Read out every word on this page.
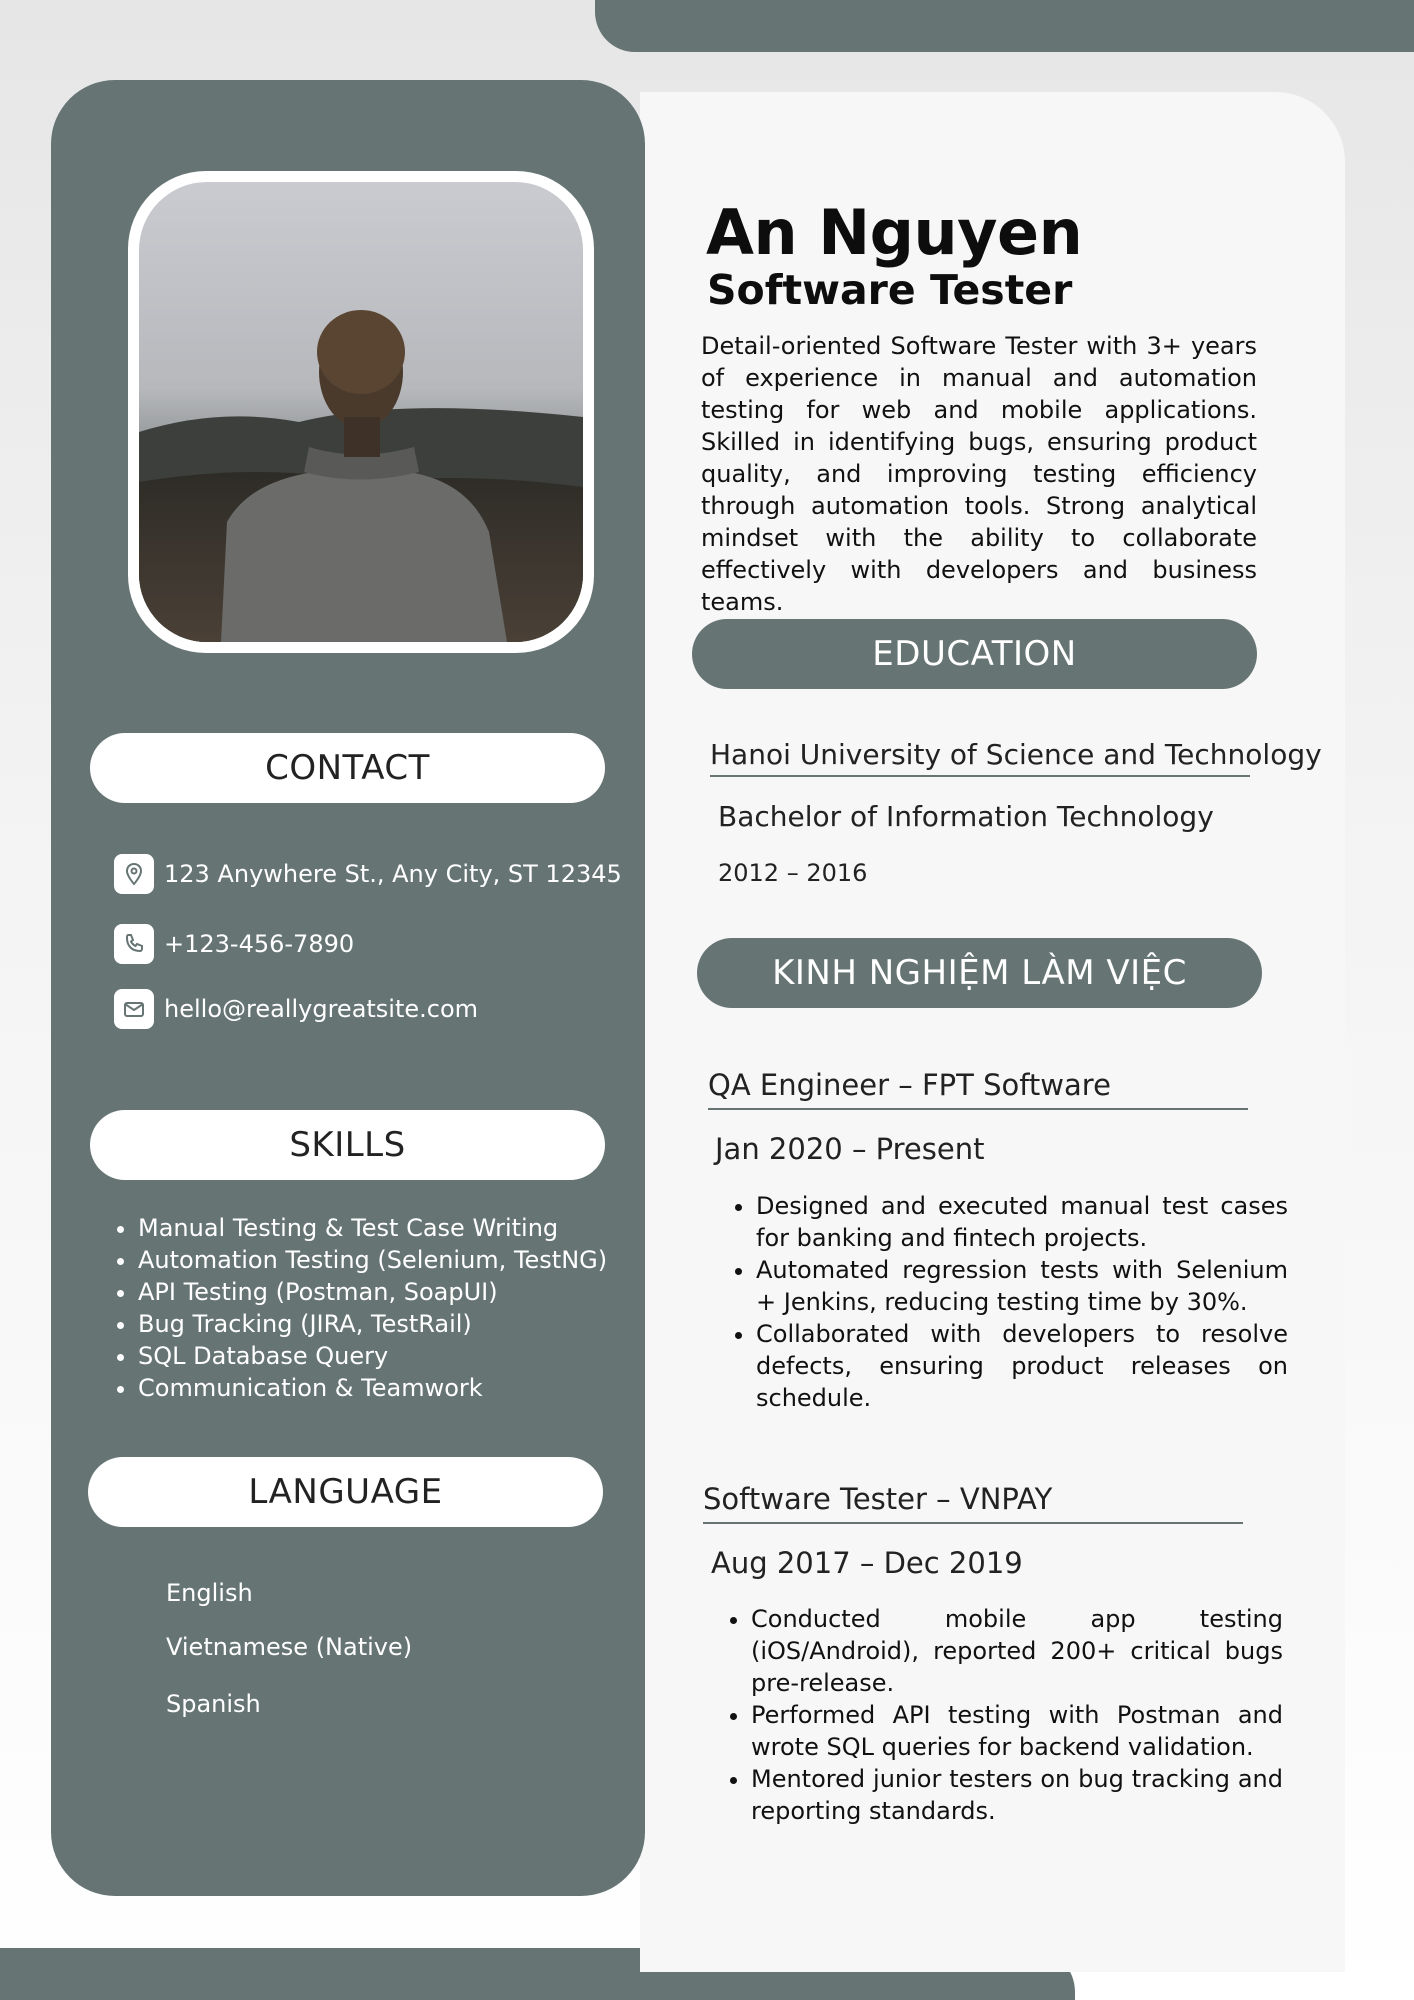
CONTACT
123 Anywhere St., Any City, ST 12345
+123-456-7890
hello@reallygreatsite.com
SKILLS
• Manual Testing & Test Case Writing
• Automation Testing (Selenium, TestNG)
• API Testing (Postman, SoapUI)
• Bug Tracking (JIRA, TestRail)
• SQL Database Query
• Communication & Teamwork
LANGUAGE
English
Vietnamese (Native)
Spanish
An Nguyen
Software Tester
Detail-oriented Software Tester with 3+ years of experience in manual and automation testing for web and mobile applications. Skilled in identifying bugs, ensuring product quality, and improving testing efficiency through automation tools. Strong analytical mindset with the ability to collaborate effectively with developers and business teams.
EDUCATION
Hanoi University of Science and Technology
Bachelor of Information Technology
2012 – 2016
KINH NGHIỆM LÀM VIỆC
QA Engineer – FPT Software
Jan 2020 – Present
• Designed and executed manual test cases for banking and fintech projects.
• Automated regression tests with Selenium + Jenkins, reducing testing time by 30%.
• Collaborated with developers to resolve defects, ensuring product releases on schedule.
Software Tester – VNPAY
Aug 2017 – Dec 2019
• Conducted mobile app testing (iOS/Android), reported 200+ critical bugs pre-release.
• Performed API testing with Postman and wrote SQL queries for backend validation.
• Mentored junior testers on bug tracking and reporting standards.
